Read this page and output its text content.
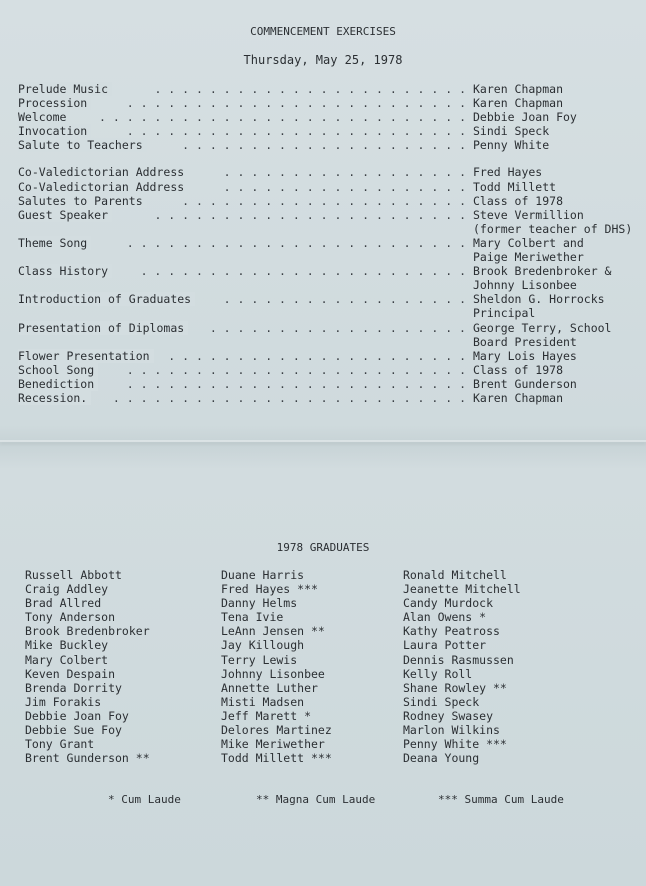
COMMENCEMENT EXERCISES
Thursday, May 25, 1978
. . . . . . . . . . . . . . . . . . . . . . .
Prelude Music	Karen Chapman
. . . . . . . . . . . . . . . . . . . . . . . . .
Procession	Karen Chapman
. . . . . . . . . . . . . . . . . . . . . . . . . . .
Welcome	Debbie Joan Foy
. . . . . . . . . . . . . . . . . . . . . . . . .
Invocation	Sindi Speck
. . . . . . . . . . . . . . . . . . . . .
Salute to Teachers	Penny White
. . . . . . . . . . . . . . . . . .
Co-Valedictorian Address	Fred Hayes
. . . . . . . . . . . . . . . . . .
Co-Valedictorian Address	Todd Millett
. . . . . . . . . . . . . . . . . . . . .
Salutes to Parents	Class of 1978
. . . . . . . . . . . . . . . . . . . . . . .
Guest Speaker	Steve Vermillion
(former teacher of DHS)
. . . . . . . . . . . . . . . . . . . . . . . . .
Theme Song	Mary Colbert and
Paige Meriwether
. . . . . . . . . . . . . . . . . . . . . . . .
Class History	Brook Bredenbroker &
Johnny Lisonbee
. . . . . . . . . . . . . . . . . .
Introduction of Graduates	Sheldon G. Horrocks
Principal
. . . . . . . . . . . . . . . . . . .
Presentation of Diplomas	George Terry, School
Board President
. . . . . . . . . . . . . . . . . . . . . .
Flower Presentation	Mary Lois Hayes
. . . . . . . . . . . . . . . . . . . . . . . . .
School Song	Class of 1978
. . . . . . . . . . . . . . . . . . . . . . . . .
Benediction	Brent Gunderson
. . . . . . . . . . . . . . . . . . . . . . . . . .
Recession.	Karen Chapman
1978 GRADUATES
Russell Abbott
Craig Addley
Brad Allred
Tony Anderson
Brook Bredenbroker
Mike Buckley
Mary Colbert
Keven Despain
Brenda Dorrity
Jim Forakis
Debbie Joan Foy
Debbie Sue Foy
Tony Grant
Brent Gunderson **
Duane Harris
Fred Hayes ***
Danny Helms
Tena Ivie
LeAnn Jensen **
Jay Killough
Terry Lewis
Johnny Lisonbee
Annette Luther
Misti Madsen
Jeff Marett *
Delores Martinez
Mike Meriwether
Todd Millett ***
Ronald Mitchell
Jeanette Mitchell
Candy Murdock
Alan Owens *
Kathy Peatross
Laura Potter
Dennis Rasmussen
Kelly Roll
Shane Rowley **
Sindi Speck
Rodney Swasey
Marlon Wilkins
Penny White ***
Deana Young
* Cum Laude	** Magna Cum Laude	*** Summa Cum Laude
